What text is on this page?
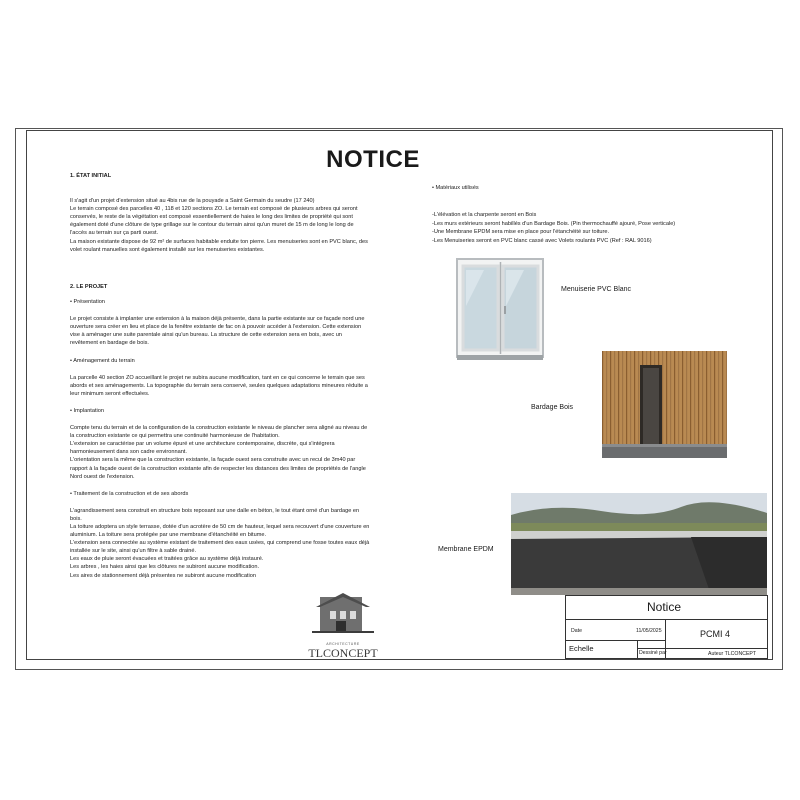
NOTICE

1. ÉTAT INITIAL

Il s'agit d'un projet d'extension situé au 4bis rue de la pouyade a Saint Germain du seudre (17 240)

Le terrain composé des parcelles 40 , 118 et 120 sections ZO. Le terrain est composé de plusieurs arbres qui seront conservés, le reste de la végétation est composé essentiellement de haies le long des limites de propriété qui sont également doté d'une clôture de type grillage sur le contour du terrain ainsi qu'un muret de 15 m de long le long de l'accès au terrain sur ça parti ouest.

La maison existante dispose de 92 m² de surfaces habitable enduite ton pierre. Les menuiseries sont en PVC blanc, des volet roulant manuelles sont également installé sur les menuiseries existantes.

2. LE PROJET

• Présentation

Le projet consiste à implanter une extension à la maison déjà présente, dans la partie existante sur ce façade nord une ouverture sera créer en lieu et place de la fenêtre existante de fac on à pouvoir accéder à l'extension. Cette extension vise à aménager une suite parentale ainsi qu'un bureau. La structure de cette extension sera en bois, avec un revêtement en bardage de bois.

• Aménagement du terrain

La parcelle 40 section ZO accueillant le projet ne subira aucune modification, tant en ce qui concerne le terrain que ses abords et ses aménagements. La topographie du terrain sera conservé, seules quelques adaptations mineures réduite a leur minimum seront effectuées.

• Implantation

Compte tenu du terrain et de la configuration de la construction existante le niveau de plancher sera aligné au niveau de la construction existante ce qui permettra une continuité harmonieuse de l'habitation.

L'extension se caractérise par un volume épuré et une architecture contemporaine, discrète, qui s'intégrera harmonieusement dans son cadre environnant.

L'orientation sera la même que la construction existante, la façade ouest sera construite avec un recul de 3m40 par rapport à la façade ouest de la construction existante afin de respecter les distances des limites de propriétés de l'angle Nord ouest de l'extension.

• Traitement de la construction et de ses abords

L'agrandissement sera construit en structure bois reposant sur une dalle en béton, le tout étant orné d'un bardage en bois.

La toiture adoptera un style terrasse, dotée d'un acrotère de 50 cm de hauteur, lequel sera recouvert d'une couverture en aluminium. La toiture sera protégée par une membrane d'étanchéité en bitume.

L'extension sera connectée au système existant de traitement des eaux usées, qui comprend une fosse toutes eaux déjà installée sur le site, ainsi qu'un filtre à sable drainé.

Les eaux de pluie seront évacuées et traitées grâce au système déjà instauré.

Les arbres , les haies ainsi que les clôtures ne subiront aucune modification.

Les aires de stationnement déjà présentes ne subiront aucune modification

• Matériaux utilisés
-L'élévation et la charpente seront en Bois
-Les murs extérieurs seront habillés d'un Bardage Bois. (Pin thermochauffé ajouré, Pose verticale)
-Une Membrane EPDM sera mise en place pour l'étanchéité sur toiture.
-Les Menuiseries seront en PVC blanc cassé avec Volets roulants PVC (Ref : RAL 9016)
Menuiserie PVC Blanc
Bardage Bois
Membrane EPDM
ARCHITECTURE
TLCONCEPT
Notice
Date	11/05/2025	PCMI 4
Echelle	Dessiné par	Auteur TLCONCEPT
